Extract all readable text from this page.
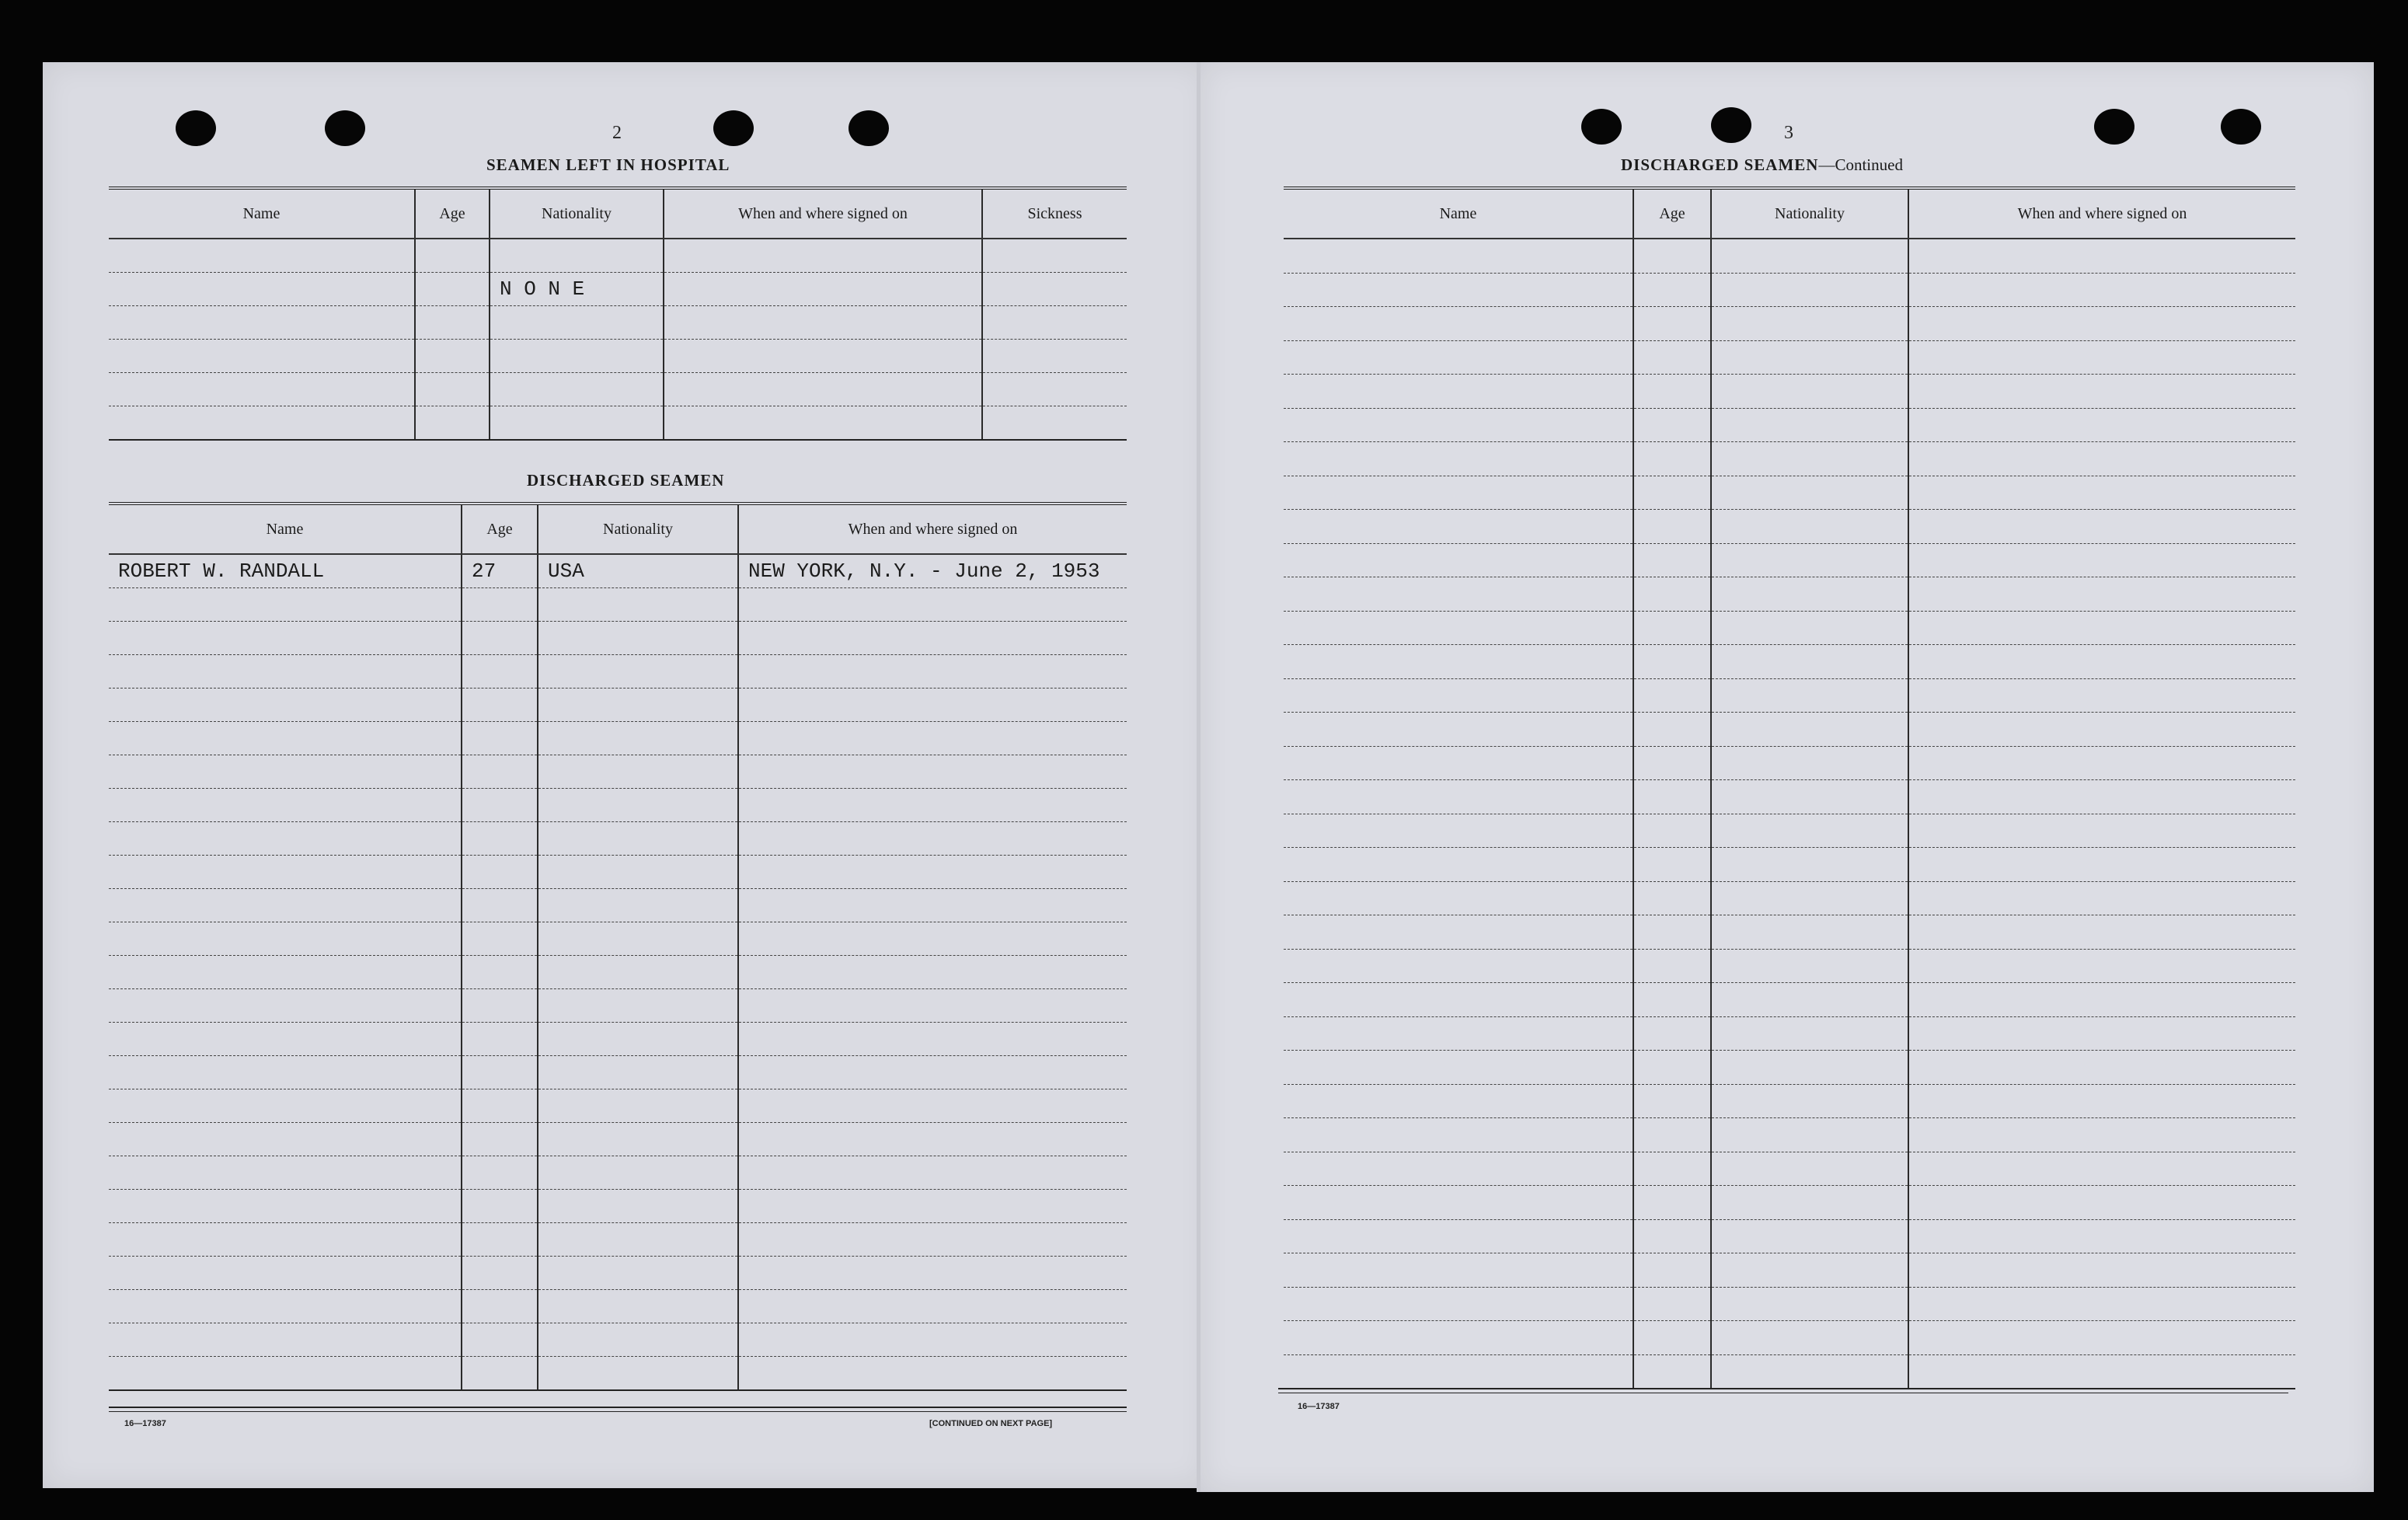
2
SEAMEN LEFT IN HOSPITAL
Name	Age	Nationality	When and where signed on	Sickness

		N O N E		

DISCHARGED SEAMEN
Name	Age	Nationality	When and where signed on
ROBERT W. RANDALL	27	USA	NEW YORK, N.Y. - June 2, 1953

16—17387	[CONTINUED ON NEXT PAGE]
3
DISCHARGED SEAMEN—Continued
Name	Age	Nationality	When and where signed on

16—17387
